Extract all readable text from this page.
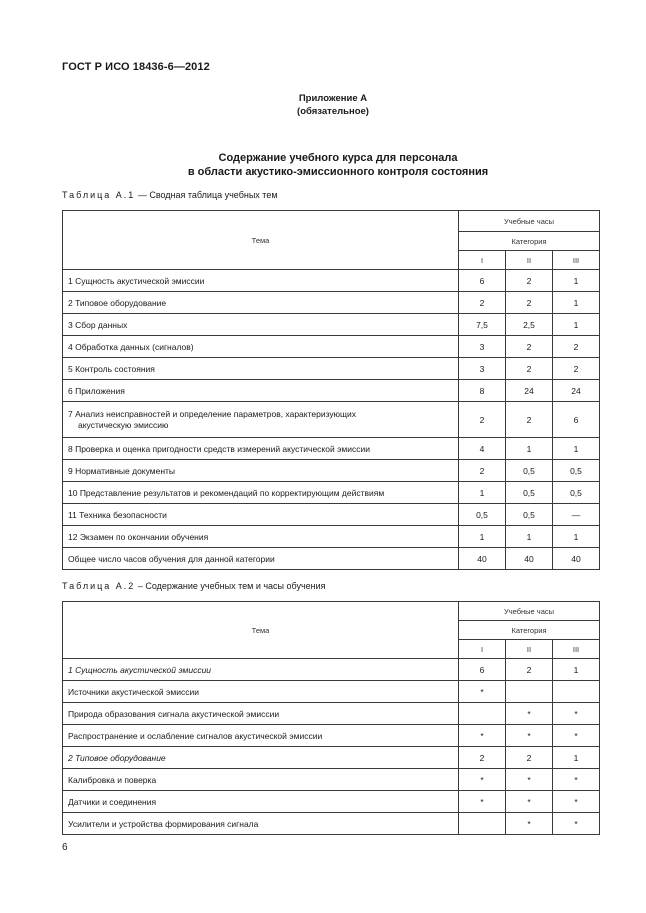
ГОСТ Р ИСО 18436-6—2012
Приложение А
(обязательное)
Содержание учебного курса для персонала
в области акустико-эмиссионного контроля состояния
Таблица А.1 — Сводная таблица учебных тем
Тема	Учебные часы		
	Категория		
	I	II	III
1 Сущность акустической эмиссии	6	2	1
2 Типовое оборудование	2	2	1
3 Сбор данных	7,5	2,5	1
4 Обработка данных (сигналов)	3	2	2
5 Контроль состояния	3	2	2
6 Приложения	8	24	24

7 Анализ неисправностей и определение параметров, характеризующих
акустическую эмиссию	2	2	6
8 Проверка и оценка пригодности средств измерений акустической эмиссии	4	1	1
9 Нормативные документы	2	0,5	0,5
10 Представление результатов и рекомендаций по корректирующим действиям	1	0,5	0,5
11 Техника безопасности	0,5	0,5	—
12 Экзамен по окончании обучения	1	1	1
Общее число часов обучения для данной категории	40	40	40
Таблица А.2 – Содержание учебных тем и часы обучения
Тема	Учебные часы		
	Категория		
	I	II	III
1 Сущность акустической эмиссии	6	2	1
Источники акустической эмиссии	*		
Природа образования сигнала акустической эмиссии		*	*
Распространение и ослабление сигналов акустической эмиссии	*	*	*
2 Типовое оборудование	2	2	1
Калибровка и поверка	*	*	*
Датчики и соединения	*	*	*
Усилители и устройства формирования сигнала		*	*
6
